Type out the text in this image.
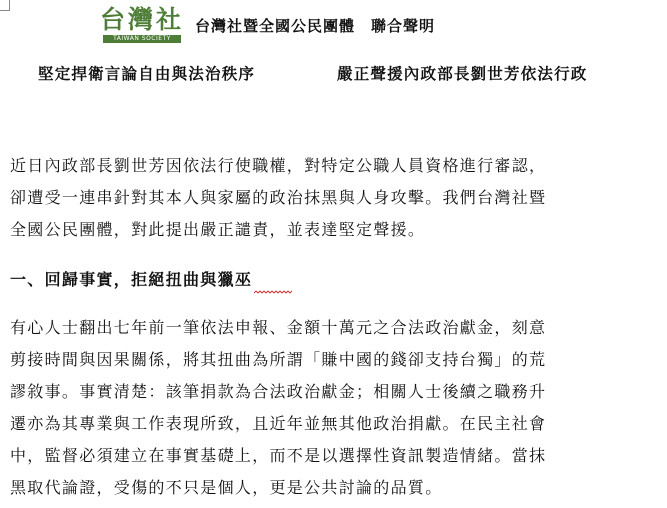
台灣社
TAIWAN SOCIETY
台灣社暨全國公民團體　聯合聲明
堅定捍衛言論自由與法治秩序	嚴正聲援內政部長劉世芳依法行政
近日內政部長劉世芳因依法行使職權，對特定公職人員資格進行審認，
卻遭受一連串針對其本人與家屬的政治抹黑與人身攻擊。我們台灣社暨
全國公民團體，對此提出嚴正譴責，並表達堅定聲援。
一、回歸事實，拒絕扭曲與獵巫
有心人士翻出七年前一筆依法申報、金額十萬元之合法政治獻金，刻意
剪接時間與因果關係，將其扭曲為所謂「賺中國的錢卻支持台獨」的荒
謬敘事。事實清楚：該筆捐款為合法政治獻金；相關人士後續之職務升
遷亦為其專業與工作表現所致，且近年並無其他政治捐獻。在民主社會
中，監督必須建立在事實基礎上，而不是以選擇性資訊製造情緒。當抹
黑取代論證，受傷的不只是個人，更是公共討論的品質。
